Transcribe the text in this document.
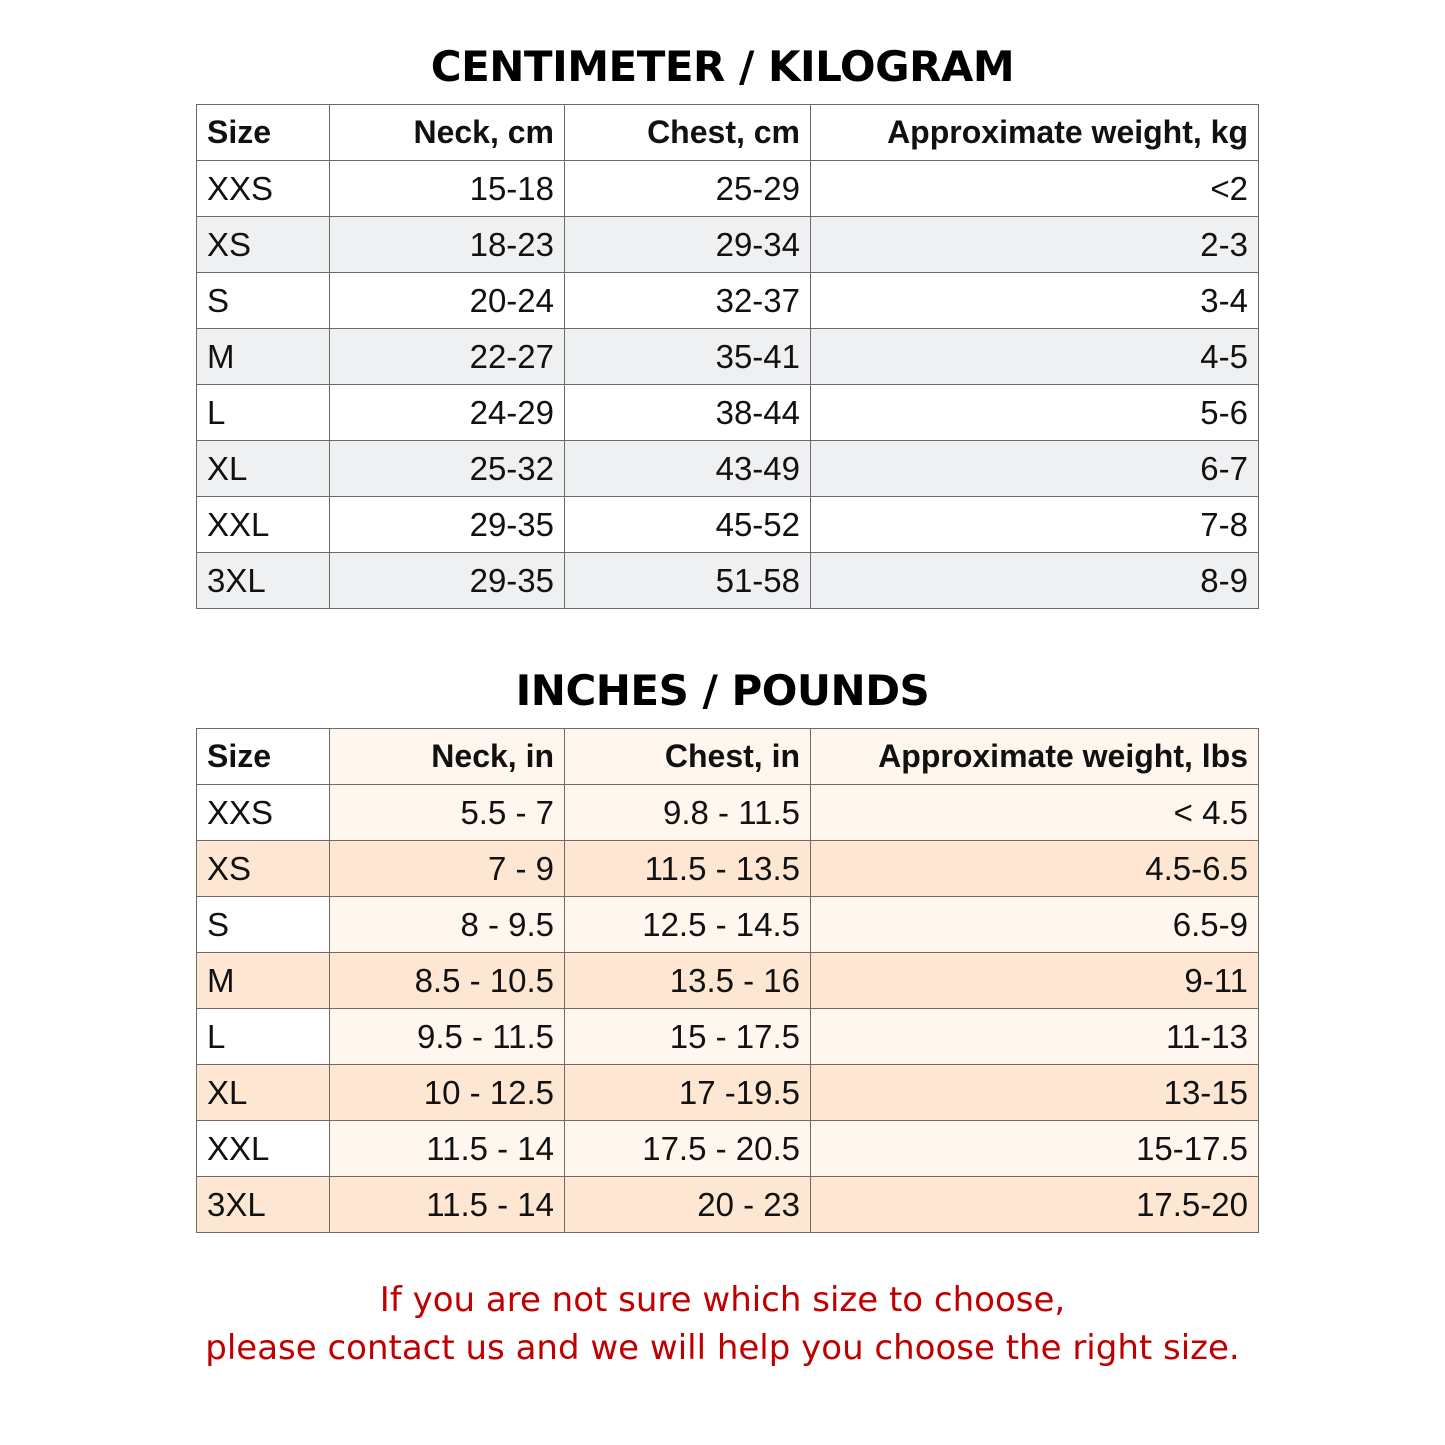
CENTIMETER / KILOGRAM
Size	Neck, cm	Chest, cm	Approximate weight, kg
XXS	15-18	25-29	<2
XS	18-23	29-34	2-3
S	20-24	32-37	3-4
M	22-27	35-41	4-5
L	24-29	38-44	5-6
XL	25-32	43-49	6-7
XXL	29-35	45-52	7-8
3XL	29-35	51-58	8-9
INCHES / POUNDS
Size	Neck, in	Chest, in	Approximate weight, lbs
XXS	5.5 - 7	9.8 - 11.5	< 4.5
XS	7 - 9	11.5 - 13.5	4.5-6.5
S	8 - 9.5	12.5 - 14.5	6.5-9
M	8.5 - 10.5	13.5 - 16	9-11
L	9.5 - 11.5	15 - 17.5	11-13
XL	10 - 12.5	17 -19.5	13-15
XXL	11.5 - 14	17.5 - 20.5	15-17.5
3XL	11.5 - 14	20 - 23	17.5-20
If you are not sure which size to choose,
please contact us and we will help you choose the right size.
